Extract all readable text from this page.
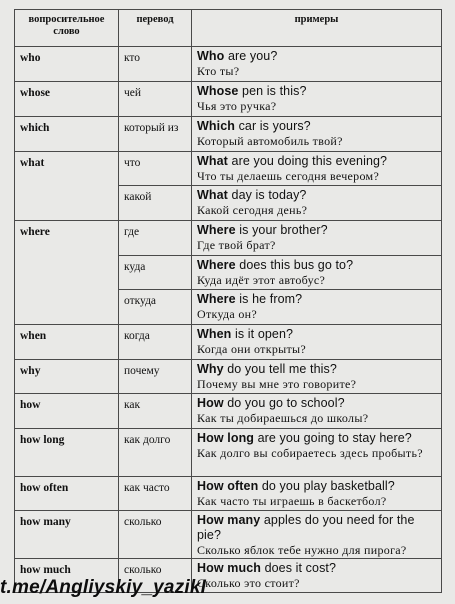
вопросительное слово	перевод	примеры
who	кто	Who are you?
Кто ты?

whose	чей	Whose pen is this?
Чья это ручка?

which	который из	Which car is yours?
Который автомобиль твой?

what	что	What are you doing this evening?
Что ты делаешь сегодня вечером?

	какой	What day is today?
Какой сегодня день?

where	где	Where is your brother?
Где твой брат?

	куда	Where does this bus go to?
Куда идёт этот автобус?

	откуда	Where is he from?
Откуда он?

when	когда	When is it open?
Когда они открыты?

why	почему	Why do you tell me this?
Почему вы мне это говорите?

how	как	How do you go to school?
Как ты добираешься до школы?

how long	как долго	How long are you going to stay here?
Как долго вы собираетесь здесь пробыть?

how often	как часто	How often do you play basketball?
Как часто ты играешь в баскетбол?

how many	сколько	How many apples do you need for the pie?
Сколько яблок тебе нужно для пирога?

how much	сколько	How much does it cost?
Сколько это стоит?
t.me/Angliyskiy_yazikI
